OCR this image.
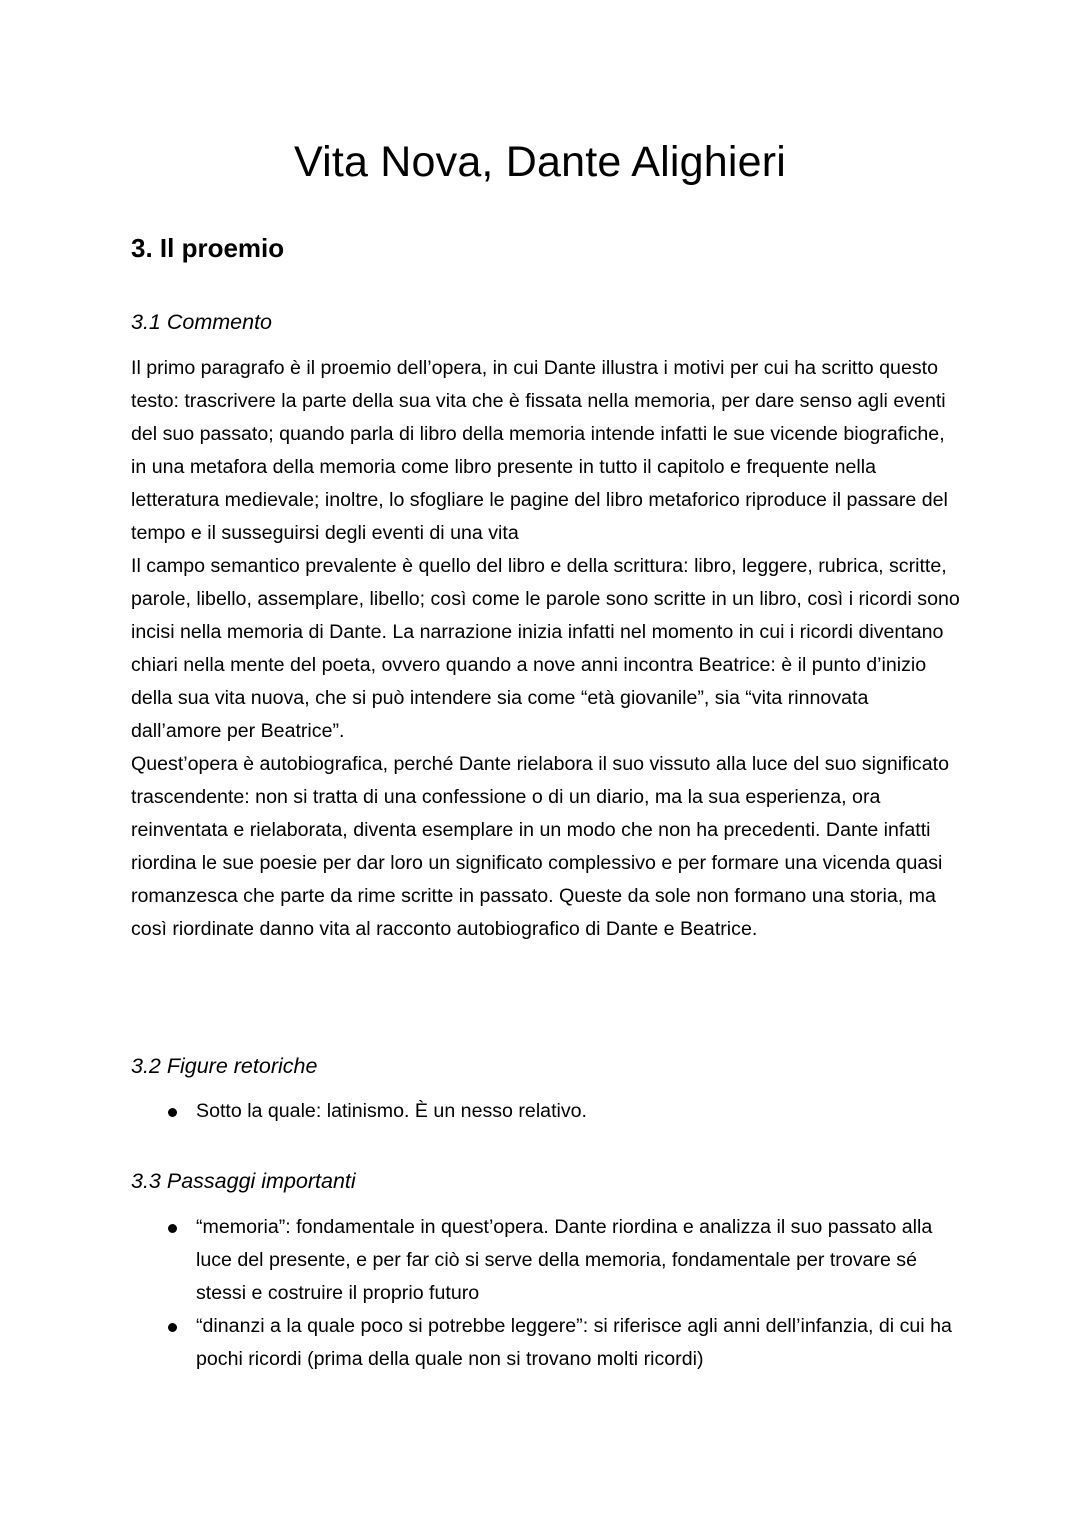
Vita Nova, Dante Alighieri
3. Il proemio
3.1 Commento

Il primo paragrafo è il proemio dell’opera, in cui Dante illustra i motivi per cui ha scritto questo testo: trascrivere la parte della sua vita che è fissata nella memoria, per dare senso agli eventi del suo passato; quando parla di libro della memoria intende infatti le sue vicende biografiche, in una metafora della memoria come libro presente in tutto il capitolo e frequente nella letteratura medievale; inoltre, lo sfogliare le pagine del libro metaforico riproduce il passare del tempo e il susseguirsi degli eventi di una vita

Il campo semantico prevalente è quello del libro e della scrittura: libro, leggere, rubrica, scritte, parole, libello, assemplare, libello; così come le parole sono scritte in un libro, così i ricordi sono incisi nella memoria di Dante. La narrazione inizia infatti nel momento in cui i ricordi diventano chiari nella mente del poeta, ovvero quando a nove anni incontra Beatrice: è il punto d’inizio della sua vita nuova, che si può intendere sia come “età giovanile”, sia “vita rinnovata dall’amore per Beatrice”.

Quest’opera è autobiografica, perché Dante rielabora il suo vissuto alla luce del suo significato trascendente: non si tratta di una confessione o di un diario, ma la sua esperienza, ora reinventata e rielaborata, diventa esemplare in un modo che non ha precedenti. Dante infatti riordina le sue poesie per dar loro un significato complessivo e per formare una vicenda quasi romanzesca che parte da rime scritte in passato. Queste da sole non formano una storia, ma così riordinate danno vita al racconto autobiografico di Dante e Beatrice.

3.2 Figure retoriche
Sotto la quale: latinismo. È un nesso relativo.
3.3 Passaggi importanti
“memoria”: fondamentale in quest’opera. Dante riordina e analizza il suo passato alla luce del presente, e per far ciò si serve della memoria, fondamentale per trovare sé stessi e costruire il proprio futuro
“dinanzi a la quale poco si potrebbe leggere”: si riferisce agli anni dell’infanzia, di cui ha pochi ricordi (prima della quale non si trovano molti ricordi)
